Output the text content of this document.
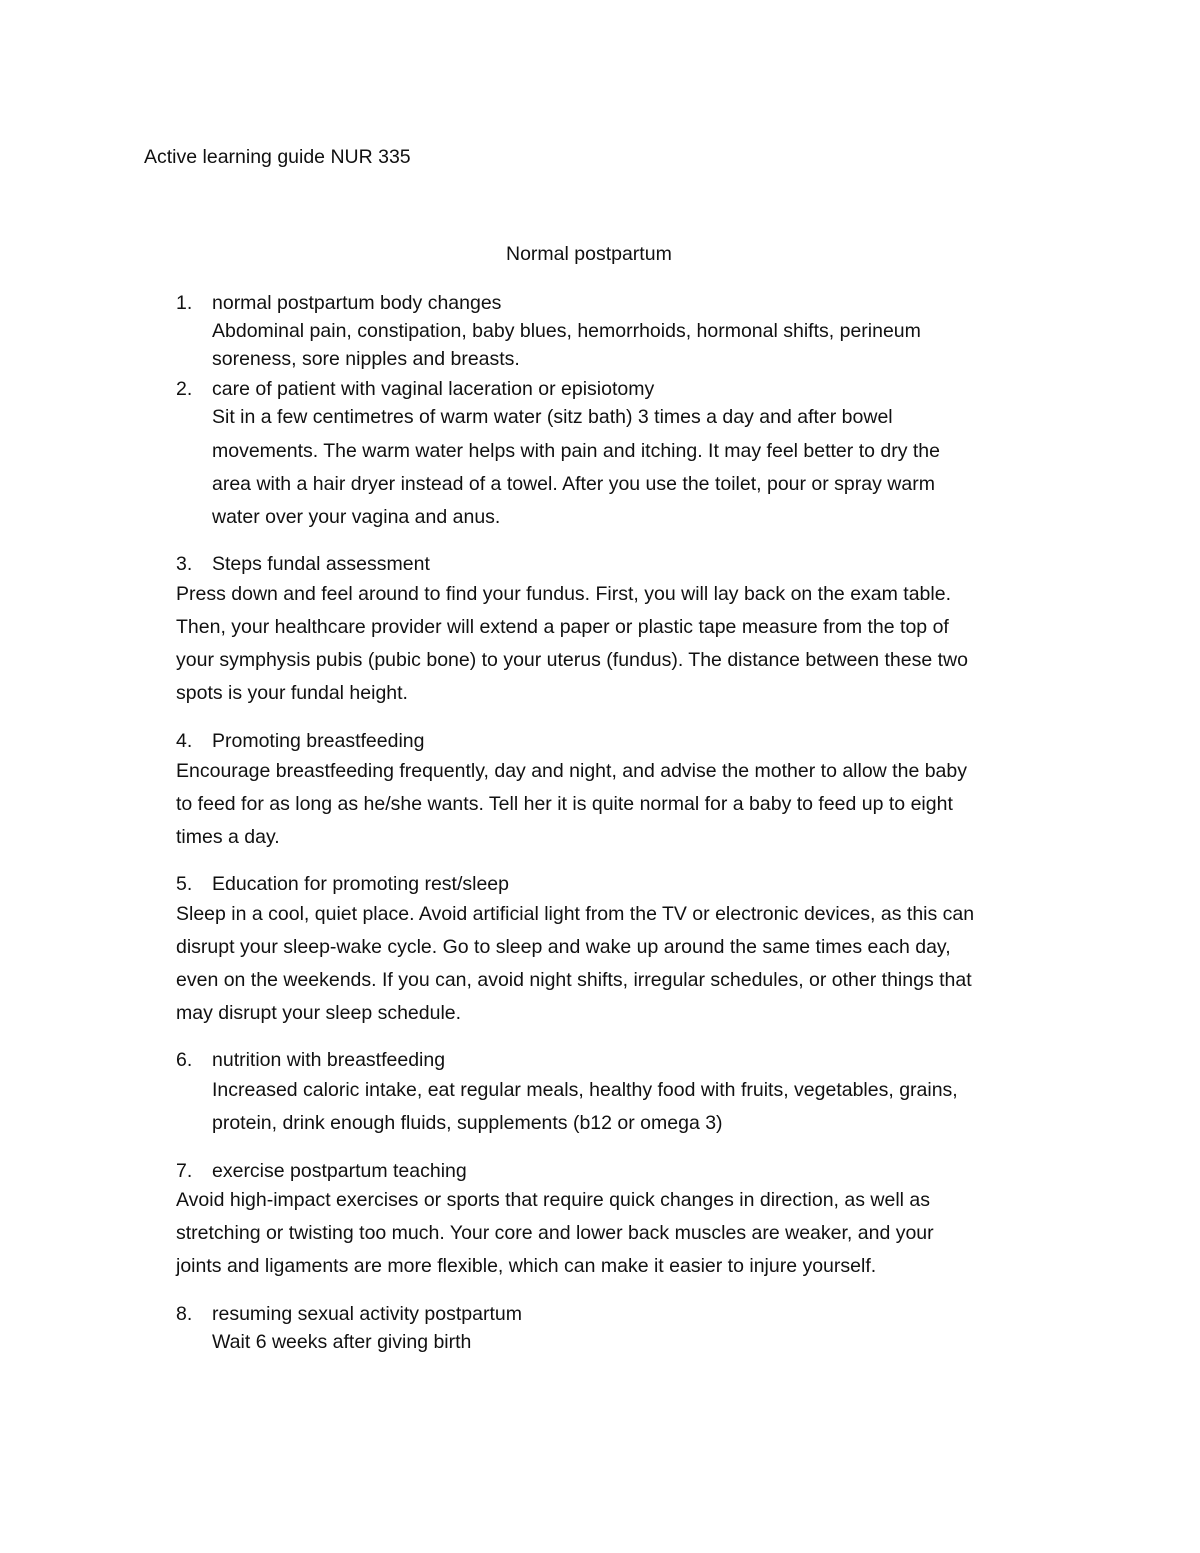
Active learning guide NUR 335
Normal postpartum
1. normal postpartum body changes
Abdominal pain, constipation, baby blues, hemorrhoids, hormonal shifts, perineum
soreness, sore nipples and breasts.
2. care of patient with vaginal laceration or episiotomy
Sit in a few centimetres of warm water (sitz bath) 3 times a day and after bowel
movements. The warm water helps with pain and itching. It may feel better to dry the
area with a hair dryer instead of a towel. After you use the toilet, pour or spray warm
water over your vagina and anus.
3. Steps fundal assessment
Press down and feel around to find your fundus. First, you will lay back on the exam table.
Then, your healthcare provider will extend a paper or plastic tape measure from the top of
your symphysis pubis (pubic bone) to your uterus (fundus). The distance between these two
spots is your fundal height.
4. Promoting breastfeeding
Encourage breastfeeding frequently, day and night, and advise the mother to allow the baby
to feed for as long as he/she wants. Tell her it is quite normal for a baby to feed up to eight
times a day.
5. Education for promoting rest/sleep
Sleep in a cool, quiet place. Avoid artificial light from the TV or electronic devices, as this can
disrupt your sleep-wake cycle. Go to sleep and wake up around the same times each day,
even on the weekends. If you can, avoid night shifts, irregular schedules, or other things that
may disrupt your sleep schedule.
6. nutrition with breastfeeding
Increased caloric intake, eat regular meals, healthy food with fruits, vegetables, grains,
protein, drink enough fluids, supplements (b12 or omega 3)
7. exercise postpartum teaching
Avoid high-impact exercises or sports that require quick changes in direction, as well as
stretching or twisting too much. Your core and lower back muscles are weaker, and your
joints and ligaments are more flexible, which can make it easier to injure yourself.
8. resuming sexual activity postpartum
Wait 6 weeks after giving birth
